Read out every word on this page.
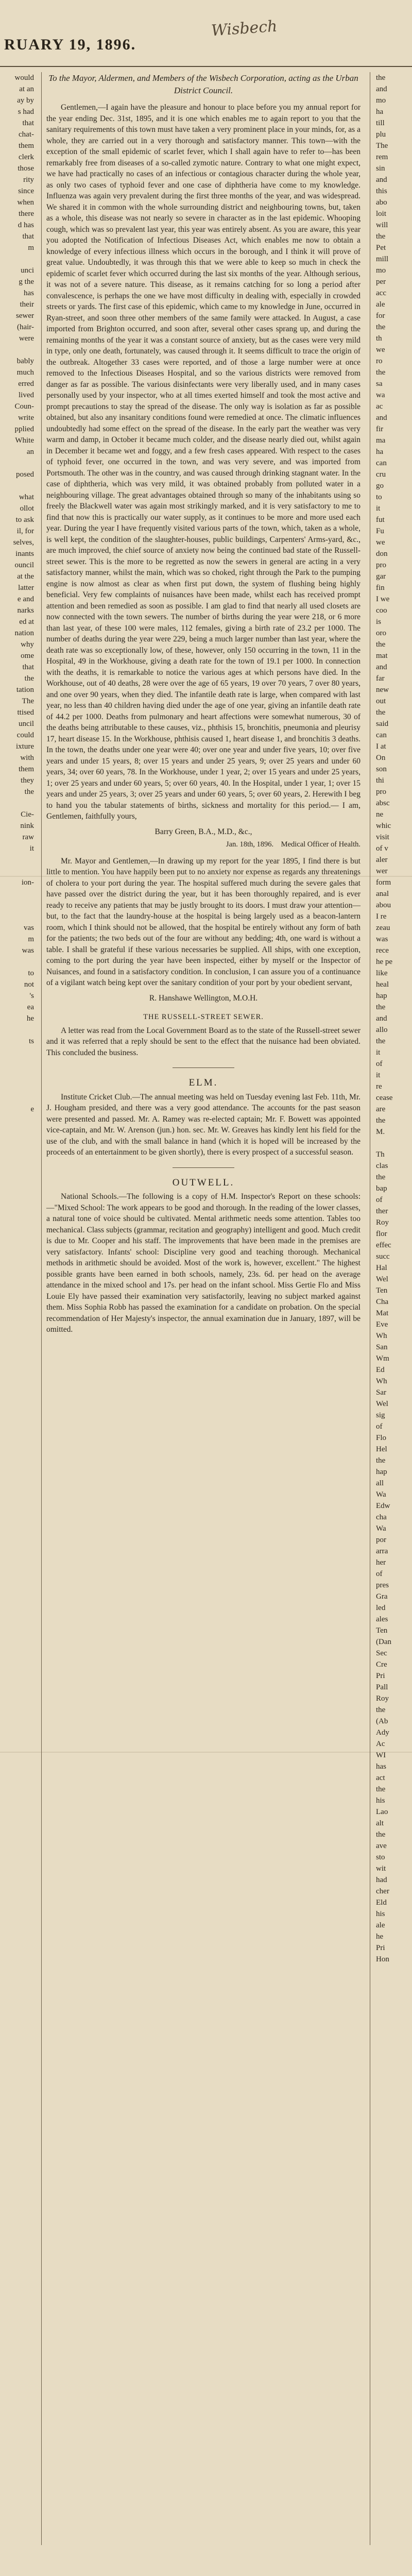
RUARY 19, 1896.
Wisbech
would
at an
ay by
s had
that
chat-
them
clerk
those
rity
since
when
there
d has
that
m

unci
g the
has
their
sewer
(hair-
were

bably
much
erred
lived
Coun-
write
pplied
White
an

posed

what
ollot
to ask
il, for
selves,
inants
ouncil
at the
latter
e and
narks
ed at
nation
why
ome
that
the
tation
The
ttised
uncil
could
ixture
with
them
they
the

Cie-
nink
raw
it

ion-

vas
m
was

to
not
's
ea
he

ts

e

To the Mayor, Aldermen, and Members of the Wisbech Corporation, acting as the Urban District Council.

Gentlemen,—I again have the pleasure and honour to place before you my annual report for the year ending Dec. 31st, 1895, and it is one which enables me to again report to you that the sanitary requirements of this town must have taken a very prominent place in your minds, for, as a whole, they are carried out in a very thorough and satisfactory manner. This town—with the exception of the small epidemic of scarlet fever, which I shall again have to refer to—has been remarkably free from diseases of a so-called zymotic nature. Contrary to what one might expect, we have had practically no cases of an infectious or contagious character during the whole year, as only two cases of typhoid fever and one case of diphtheria have come to my knowledge. Influenza was again very prevalent during the first three months of the year, and was widespread. We shared it in common with the whole surrounding district and neighbouring towns, but, taken as a whole, this disease was not nearly so severe in character as in the last epidemic. Whooping cough, which was so prevalent last year, this year was entirely absent. As you are aware, this year you adopted the Notification of Infectious Diseases Act, which enables me now to obtain a knowledge of every infectious illness which occurs in the borough, and I think it will prove of great value. Undoubtedly, it was through this that we were able to keep so much in check the epidemic of scarlet fever which occurred during the last six months of the year. Although serious, it was not of a severe nature. This disease, as it remains catching for so long a period after convalescence, is perhaps the one we have most difficulty in dealing with, especially in crowded streets or yards. The first case of this epidemic, which came to my knowledge in June, occurred in Ryan-street, and soon three other members of the same family were attacked. In August, a case imported from Brighton occurred, and soon after, several other cases sprang up, and during the remaining months of the year it was a constant source of anxiety, but as the cases were very mild in type, only one death, fortunately, was caused through it. It seems difficult to trace the origin of the outbreak. Altogether 33 cases were reported, and of those a large number were at once removed to the Infectious Diseases Hospital, and so the various districts were removed from danger as far as possible. The various disinfectants were very liberally used, and in many cases personally used by your inspector, who at all times exerted himself and took the most active and prompt precautions to stay the spread of the disease. The only way is isolation as far as possible obtained, but also any insanitary conditions found were remedied at once. The climatic influences undoubtedly had some effect on the spread of the disease. In the early part the weather was very warm and damp, in October it became much colder, and the disease nearly died out, whilst again in December it became wet and foggy, and a few fresh cases appeared. With respect to the cases of typhoid fever, one occurred in the town, and was very severe, and was imported from Portsmouth. The other was in the country, and was caused through drinking stagnant water. In the case of diphtheria, which was very mild, it was obtained probably from polluted water in a neighbouring village. The great advantages obtained through so many of the inhabitants using so freely the Blackwell water was again most strikingly marked, and it is very satisfactory to me to find that now this is practically our water supply, as it continues to be more and more used each year. During the year I have frequently visited various parts of the town, which, taken as a whole, is well kept, the condition of the slaughter-houses, public buildings, Carpenters' Arms-yard, &c., are much improved, the chief source of anxiety now being the continued bad state of the Russell-street sewer. This is the more to be regretted as now the sewers in general are acting in a very satisfactory manner, whilst the main, which was so choked, right through the Park to the pumping engine is now almost as clear as when first put down, the system of flushing being highly beneficial. Very few complaints of nuisances have been made, whilst each has received prompt attention and been remedied as soon as possible. I am glad to find that nearly all used closets are now connected with the town sewers. The number of births during the year were 218, or 6 more than last year, of these 100 were males, 112 females, giving a birth rate of 23.2 per 1000. The number of deaths during the year were 229, being a much larger number than last year, where the death rate was so exceptionally low, of these, however, only 150 occurring in the town, 11 in the Hospital, 49 in the Workhouse, giving a death rate for the town of 19.1 per 1000. In connection with the deaths, it is remarkable to notice the various ages at which persons have died. In the Workhouse, out of 40 deaths, 28 were over the age of 65 years, 19 over 70 years, 7 over 80 years, and one over 90 years, when they died. The infantile death rate is large, when compared with last year, no less than 40 children having died under the age of one year, giving an infantile death rate of 44.2 per 1000. Deaths from pulmonary and heart affections were somewhat numerous, 30 of the deaths being attributable to these causes, viz., phthisis 15, bronchitis, pneumonia and pleurisy 17, heart disease 15. In the Workhouse, phthisis caused 1, heart disease 1, and bronchitis 3 deaths. In the town, the deaths under one year were 40; over one year and under five years, 10; over five years and under 15 years, 8; over 15 years and under 25 years, 9; over 25 years and under 60 years, 34; over 60 years, 78. In the Workhouse, under 1 year, 2; over 15 years and under 25 years, 1; over 25 years and under 60 years, 5; over 60 years, 40. In the Hospital, under 1 year, 1; over 15 years and under 25 years, 3; over 25 years and under 60 years, 5; over 60 years, 2. Herewith I beg to hand you the tabular statements of births, sickness and mortality for this period.— I am, Gentlemen, faithfully yours,

Barry Green, B.A., M.D., &c.,

Jan. 18th, 1896. Medical Officer of Health.

Mr. Mayor and Gentlemen,—In drawing up my report for the year 1895, I find there is but little to mention. You have happily been put to no anxiety nor expense as regards any threatenings of cholera to your port during the year. The hospital suffered much during the severe gales that have passed over the district during the year, but it has been thoroughly repaired, and is ever ready to receive any patients that may be justly brought to its doors. I must draw your attention—but, to the fact that the laundry-house at the hospital is being largely used as a beacon-lantern room, which I think should not be allowed, that the hospital be entirely without any form of bath for the patients; the two beds out of the four are without any bedding; 4th, one ward is without a table. I shall be grateful if these various necessaries be supplied. All ships, with one exception, coming to the port during the year have been inspected, either by myself or the Inspector of Nuisances, and found in a satisfactory condition. In conclusion, I can assure you of a continuance of a vigilant watch being kept over the sanitary condition of your port by your obedient servant,

R. Hanshawe Wellington, M.O.H.

THE RUSSELL-STREET SEWER.

A letter was read from the Local Government Board as to the state of the Russell-street sewer and it was referred that a reply should be sent to the effect that the nuisance had been obviated. This concluded the business.

ELM.

Institute Cricket Club.—The annual meeting was held on Tuesday evening last Feb. 11th, Mr. J. Hougham presided, and there was a very good attendance. The accounts for the past season were presented and passed. Mr. A. Ramey was re-elected captain; Mr. F. Bowett was appointed vice-captain, and Mr. W. Arenson (jun.) hon. sec. Mr. W. Greaves has kindly lent his field for the use of the club, and with the small balance in hand (which it is hoped will be increased by the proceeds of an entertainment to be given shortly), there is every prospect of a successful season.

OUTWELL.

National Schools.—The following is a copy of H.M. Inspector's Report on these schools:—"Mixed School: The work appears to be good and thorough. In the reading of the lower classes, a natural tone of voice should be cultivated. Mental arithmetic needs some attention. Tables too mechanical. Class subjects (grammar, recitation and geography) intelligent and good. Much credit is due to Mr. Cooper and his staff. The improvements that have been made in the premises are very satisfactory. Infants' school: Discipline very good and teaching thorough. Mechanical methods in arithmetic should be avoided. Most of the work is, however, excellent." The highest possible grants have been earned in both schools, namely, 23s. 6d. per head on the average attendance in the mixed school and 17s. per head on the infant school. Miss Gertie Flo and Miss Louie Ely have passed their examination very satisfactorily, leaving no subject marked against them. Miss Sophia Robb has passed the examination for a candidate on probation. On the special recommendation of Her Majesty's inspector, the annual examination due in January, 1897, will be omitted.

the
and
mo
ha
till
plu
The
rem
sin
and
this
abo
loit
will
the
Pet
mill
mo
per
acc
ale
for
the
th
we
ro
the
sa
wa
ac
and
fir
ma
ha
can
cru
go
to
it
fut
Fu
we
don
pro
gar
fin
I we
coo
is
oro
the
mat
and
far
new
out
the
said
can
I at
On
son
thi
pro
absc
ne
whic
visit
of v
aler
wer
form
anal
abou
I re
zeau
was
rece
he pe
like
heal
hap
the
and
allo
the
it
of
it
re
cease
are
the
M.

Th
clas
the
bap
of
ther
Roy
flor
effec
succ
Hal
Wel
Ten
Cha
Mat
Eve
Wh
San
Wm
Ed
Wh
Sar
Wel
sig
of
Flo
Hel
the
hap
all
Wa
Edw
cha
Wa
por
arra
her
of
pres
Gra
led
ales
Ten
(Dan
Sec
Cre
Pri
Pall
Roy
the
(Ab
Ady
Ac
WI
has
act
the
his
Lao
alt
the
ave
sto
wit
had
cher
Eld
his
ale
he
Pri
Hon
